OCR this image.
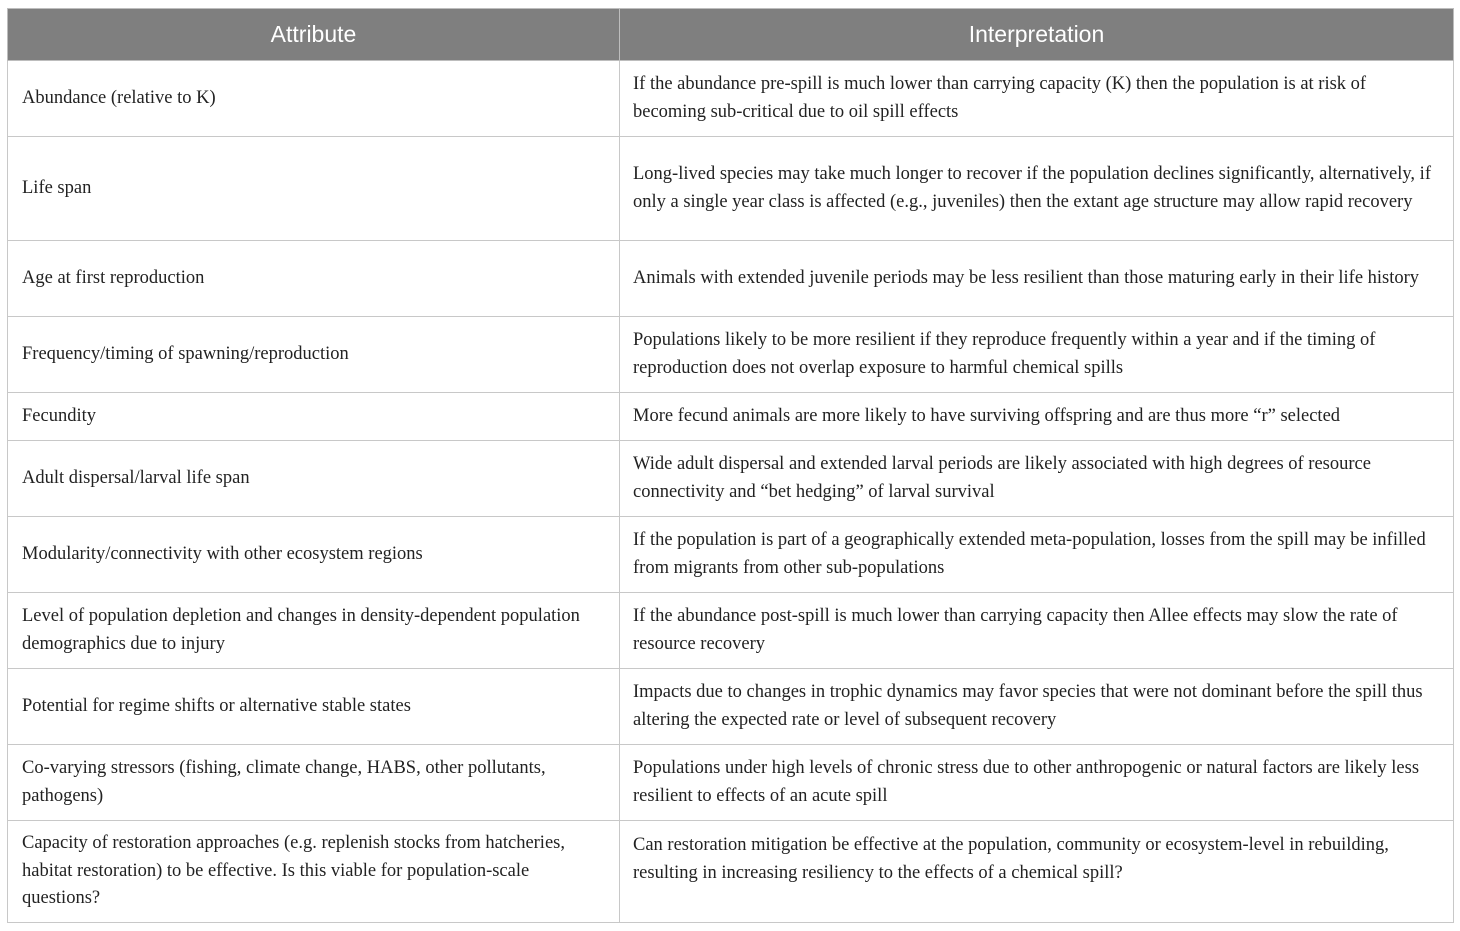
Attribute	Interpretation
Abundance (relative to K)	If the abundance pre-spill is much lower than carrying capacity (K) then the population is at risk of becoming sub-critical due to oil spill effects
Life span	Long-lived species may take much longer to recover if the population declines significantly, alternatively, if only a single year class is affected (e.g., juveniles) then the extant age structure may allow rapid recovery
Age at first reproduction	Animals with extended juvenile periods may be less resilient than those maturing early in their life history
Frequency/timing of spawning/reproduction	Populations likely to be more resilient if they reproduce frequently within a year and if the timing of reproduction does not overlap exposure to harmful chemical spills
Fecundity	More fecund animals are more likely to have surviving offspring and are thus more “r” selected
Adult dispersal/larval life span	Wide adult dispersal and extended larval periods are likely associated with high degrees of resource connectivity and “bet hedging” of larval survival
Modularity/connectivity with other ecosystem regions	If the population is part of a geographically extended meta-population, losses from the spill may be infilled from migrants from other sub-populations
Level of population depletion and changes in density-dependent population demographics due to injury	If the abundance post-spill is much lower than carrying capacity then Allee effects may slow the rate of resource recovery
Potential for regime shifts or alternative stable states	Impacts due to changes in trophic dynamics may favor species that were not dominant before the spill thus altering the expected rate or level of subsequent recovery
Co-varying stressors (fishing, climate change, HABS, other pollutants, pathogens)	Populations under high levels of chronic stress due to other anthropogenic or natural factors are likely less resilient to effects of an acute spill
Capacity of restoration approaches (e.g. replenish stocks from hatcheries, habitat restoration) to be effective. Is this viable for population-scale questions?	Can restoration mitigation be effective at the population, community or ecosystem-level in rebuilding, resulting in increasing resiliency to the effects of a chemical spill?
